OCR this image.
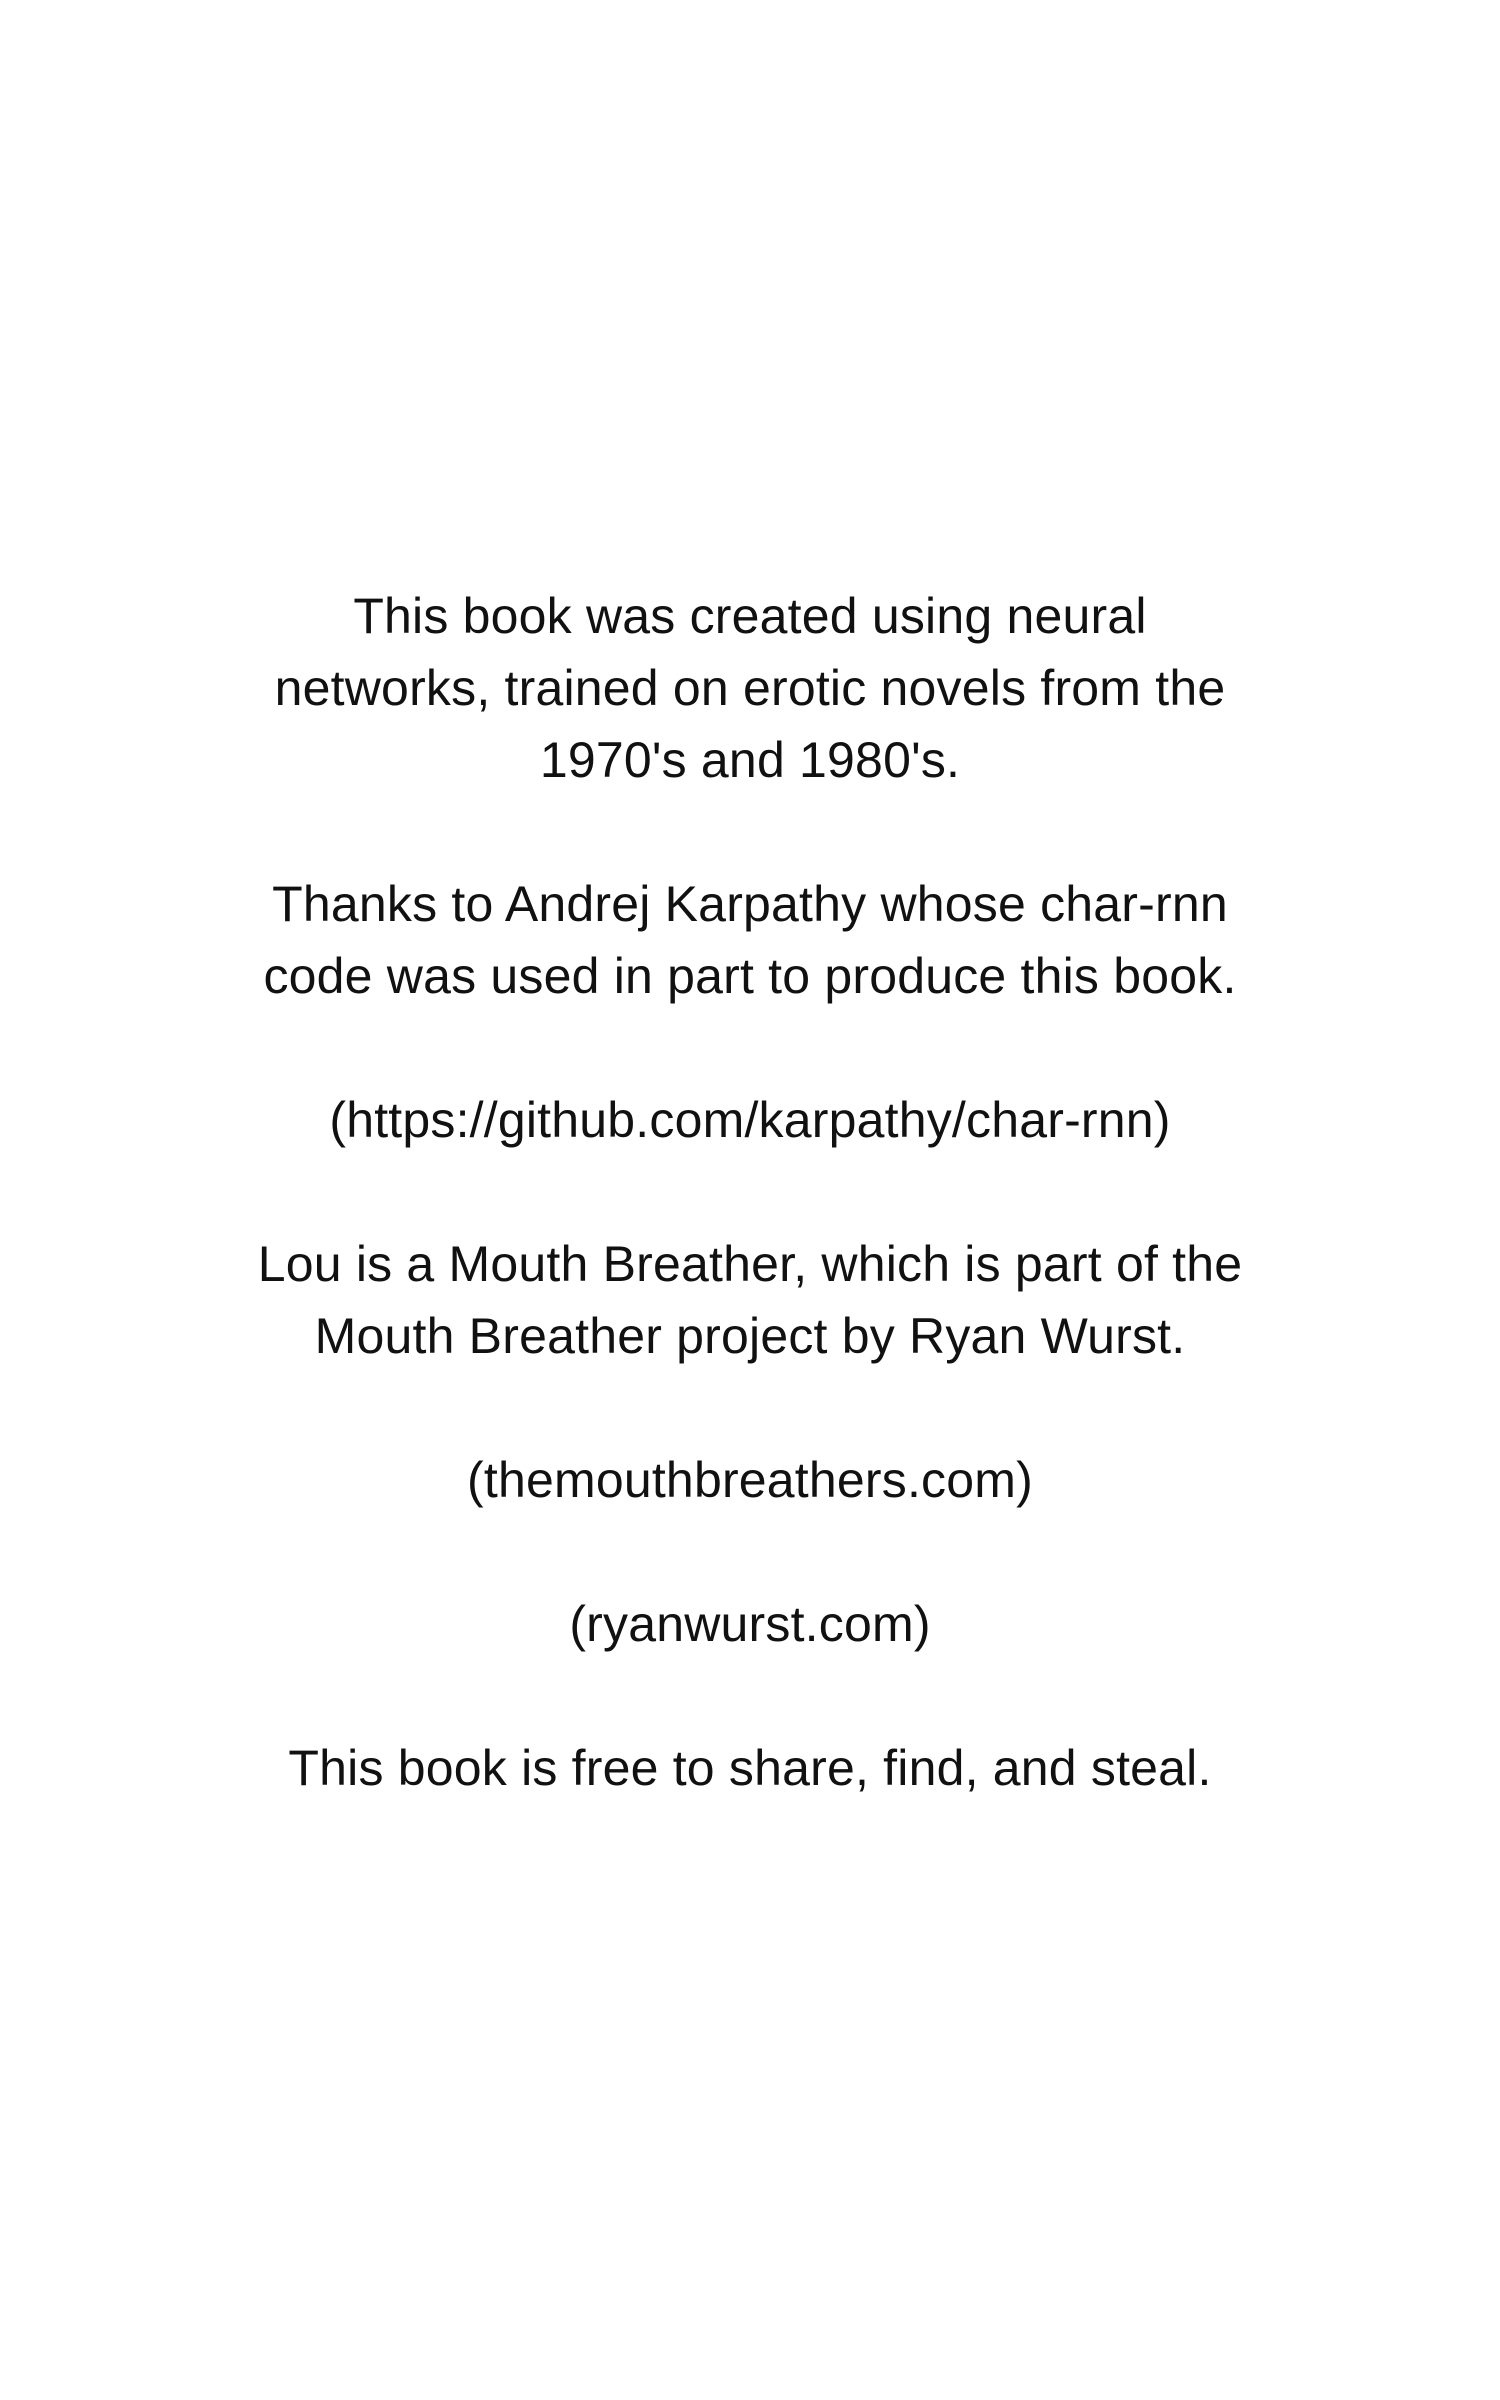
This book was created using neural
networks, trained on erotic novels from the
1970's and 1980's.

Thanks to Andrej Karpathy whose char-rnn
code was used in part to produce this book.

(https://github.com/karpathy/char-rnn)

Lou is a Mouth Breather, which is part of the
Mouth Breather project by Ryan Wurst.

(themouthbreathers.com)

(ryanwurst.com)

This book is free to share, find, and steal.
